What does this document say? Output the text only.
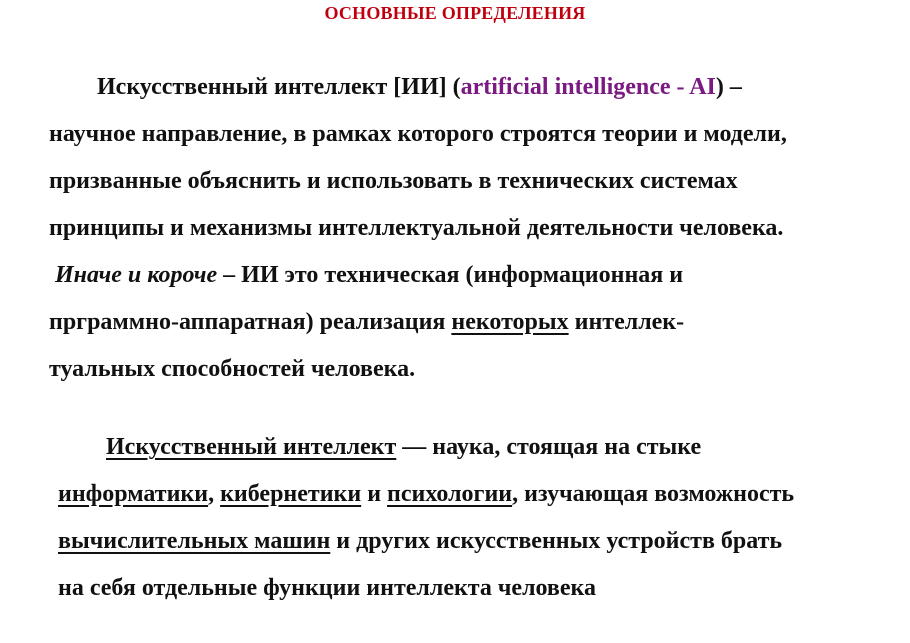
ОСНОВНЫЕ ОПРЕДЕЛЕНИЯ
Искусственный интеллект [ИИ] (artificial intelligence - AI) –
научное направление, в рамках которого строятся теории и модели,
призванные объяснить и использовать в технических системах
принципы и механизмы интеллектуальной деятельности человека.
Иначе и короче – ИИ это техническая (информационная и
прграммно-аппаратная) реализация некоторых интеллек-
туальных способностей человека.
Искусственный интеллект — наука, стоящая на стыке
информатики, кибернетики и психологии, изучающая возможность
вычислительных машин и других искусственных устройств брать
на себя отдельные функции интеллекта человека
